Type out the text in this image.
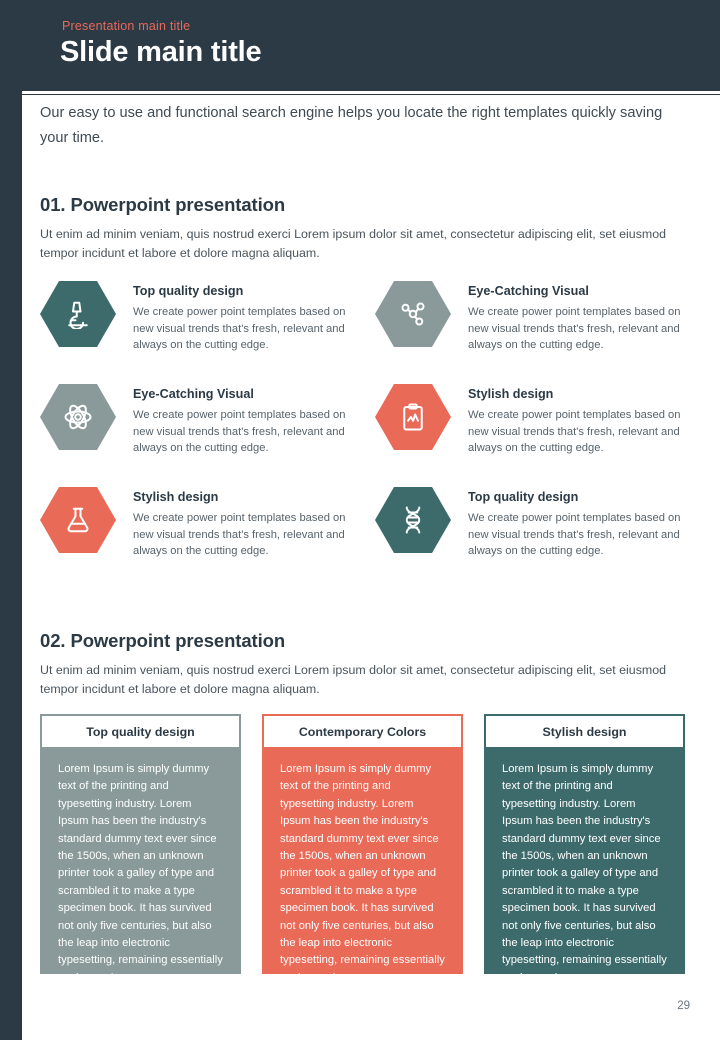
Presentation main title
Slide main title
Our easy to use and functional search engine helps you locate the right templates quickly saving your time.
01. Powerpoint presentation
Ut enim ad minim veniam, quis nostrud exerci Lorem ipsum dolor sit amet, consectetur adipiscing elit, set eiusmod tempor incidunt et labore et dolore magna aliquam.
Top quality design
We create power point templates based on new visual trends that's fresh, relevant and always on the cutting edge.
Eye-Catching Visual
We create power point templates based on new visual trends that's fresh, relevant and always on the cutting edge.
Eye-Catching Visual
We create power point templates based on new visual trends that's fresh, relevant and always on the cutting edge.
Stylish design
We create power point templates based on new visual trends that's fresh, relevant and always on the cutting edge.
Stylish design
We create power point templates based on new visual trends that's fresh, relevant and always on the cutting edge.
Top quality design
We create power point templates based on new visual trends that's fresh, relevant and always on the cutting edge.
02. Powerpoint presentation
Ut enim ad minim veniam, quis nostrud exerci Lorem ipsum dolor sit amet, consectetur adipiscing elit, set eiusmod tempor incidunt et labore et dolore magna aliquam.
Top quality design
Lorem Ipsum is simply dummy text of the printing and typesetting industry. Lorem Ipsum has been the industry's standard dummy text ever since the 1500s, when an unknown printer took a galley of type and scrambled it to make a type specimen book. It has survived not only five centuries, but also the leap into electronic typesetting, remaining essentially unchanged.
Contemporary Colors
Lorem Ipsum is simply dummy text of the printing and typesetting industry. Lorem Ipsum has been the industry's standard dummy text ever since the 1500s, when an unknown printer took a galley of type and scrambled it to make a type specimen book. It has survived not only five centuries, but also the leap into electronic typesetting, remaining essentially unchanged.
Stylish design
Lorem Ipsum is simply dummy text of the printing and typesetting industry. Lorem Ipsum has been the industry's standard dummy text ever since the 1500s, when an unknown printer took a galley of type and scrambled it to make a type specimen book. It has survived not only five centuries, but also the leap into electronic typesetting, remaining essentially unchanged.
29
